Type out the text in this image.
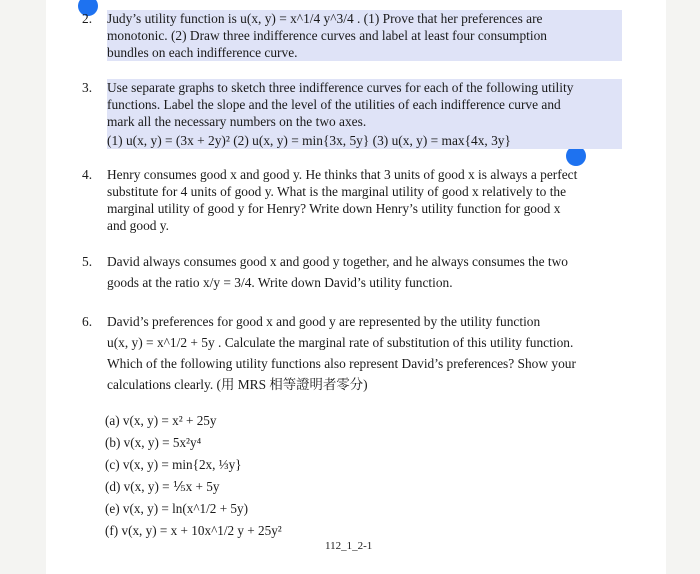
2. Judy’s utility function is u(x, y) = x^1/4 y^3/4 . (1) Prove that her preferences are
monotonic. (2) Draw three indifference curves and label at least four consumption
bundles on each indifference curve.
3. Use separate graphs to sketch three indifference curves for each of the following utility
functions. Label the slope and the level of the utilities of each indifference curve and
mark all the necessary numbers on the two axes.
(1) u(x, y) = (3x + 2y)² (2) u(x, y) = min{3x, 5y} (3) u(x, y) = max{4x, 3y}
4. Henry consumes good x and good y. He thinks that 3 units of good x is always a perfect
substitute for 4 units of good y. What is the marginal utility of good x relatively to the
marginal utility of good y for Henry? Write down Henry’s utility function for good x
and good y.
5. David always consumes good x and good y together, and he always consumes the two
goods at the ratio x/y = 3/4. Write down David’s utility function.
6. David’s preferences for good x and good y are represented by the utility function
u(x, y) = x^1/2 + 5y . Calculate the marginal rate of substitution of this utility function.
Which of the following utility functions also represent David’s preferences? Show your
calculations clearly. (用 MRS 相等證明者零分)
(a) v(x, y) = x² + 25y
(b) v(x, y) = 5x²y⁴
(c) v(x, y) = min{2x, ⅓y}
(d) v(x, y) = ⅕x + 5y
(e) v(x, y) = ln(x^1/2 + 5y)
(f) v(x, y) = x + 10x^1/2 y + 25y²
112_1_2-1
